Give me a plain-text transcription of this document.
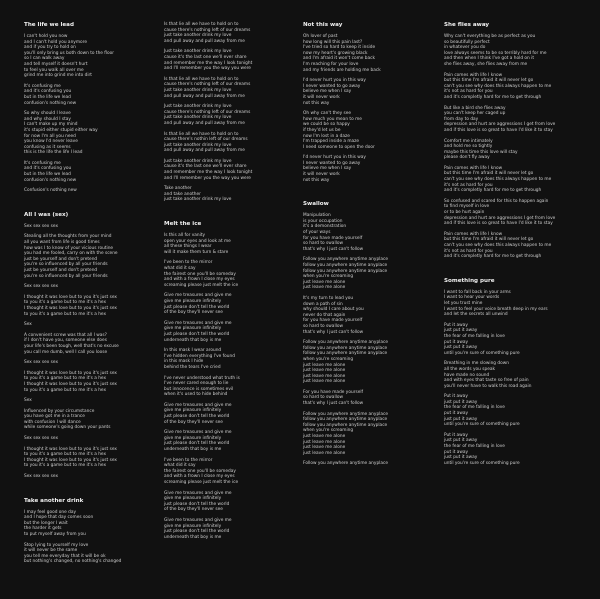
The life we lead
I can't hold you now
and I can't hold you anymore
and if you try to hold on
you'll only bring us both down to the floor
so I can walk away
and tell myself it doesn't hurt
to feel you walk all over me
grind me into grind me into dirt
It's confusing me
and it's confusing you
but in the life we lead
confusion's nothing new
So why should I leave
and why should I stay
I can't make up my mind
it's stupid either stupid either way
for now I'm all you need
you know I'd never leave
confusing as it seems
this is the life the life I lead
It's confusing me
and it's confusing you
but in the life we lead
confusion's nothing new
Confusion's nothing new
All I was (sex)
Sex sex sex sex
Stealing all the thoughts from your mind
all you want from life is good times
how was I to know of your vicious routine
you had me fooled, carry on with the scene
just be yourself and don't pretend
you're so influenced by all your friends
just be yourself and don't pretend
you're so influenced by all your friends
Sex sex sex sex
I thought it was love but to you it's just sex
to you it's a game but to me it's a hex
I thought it was love but to you it's just sex
to you it's a game but to me it's a hex
Sex
A convenient screw was that all I was?
if I don't have you, someone else does
your life's been tough, well that's no excuse
you call me dumb, well I call you loose
Sex sex sex sex
I thought it was love but to you it's just sex
to you it's a game but to me it's a hex
I thought it was love but to you it's just sex
to you it's a game but to me it's a hex
Sex
Influenced by your circumstance
you have got me in a trance
with confusion I will dance
while someone's going down your pants
Sex sex sex sex
I thought it was love but to you it's just sex
to you it's a game but to me it's a hex
I thought it was love but to you it's just sex
to you it's a game but to me it's a hex
Sex sex sex sex
Take another drink
I may feel good one day
and I hope that day comes soon
but the longer I wait
the harder it gets
to put myself away from you
Stop lying to yourself my love
it will never be the same
you tell me everyday that it will be ok
but nothing's changed, no nothing's changed
Is that lie all we have to hold on to
cause there's nothing left of our dreams
just take another drink my love
and pull away and pull away from me
Just take another drink my love
cause it's the last one we'll ever share
and remember me the way I look tonight
and I'll remember you the way you were
Is that lie all we have to hold on to
cause there's nothing left of our dreams
just take another drink my love
and pull away and pull away from me
Just take another drink my love
cause there's nothing left of our dreams
just take another drink my love
and pull away and pull away from me
Is that lie all we have to hold on to
cause there's nothin left of our dreams
just take another drink my love
and pull away and pull away from me
Just take another drink my love
cause it's the last one we'll ever share
and remember me the way I look tonight
and I'll remember you the way you were
Take another
and take another
just take another drink my love
Melt the ice
Is this all for vanity
open your eyes and look at me
all these things I wear
will it make them turn & stare
I've been to the mirror
what did it say
the fairest one you'll be someday
and with a frown I close my eyes
screaming please just melt the ice
Give me treasures and give me
give me pleasure infinitely
just please don't tell the world
of the boy they'll never see
Give me treasures and give me
give me pleasure infinitely
just please don't tell the world
underneath that boy is me
In this mask I wear around
I've hidden everything I've found
in this mask I hide
behind the tears I've cried
I've never understood what truth is
I've never cared enough to lie
but innocence is sometimes evil
when it's used to hide behind
Give me treasures and give me
give me pleasure infinitely
just please don't tell the world
of the boy they'll never see
Give me treasures and give me
give me pleasure infinitely
just please don't tell the world
underneath that boy is me
I've been to the mirror
what did it say
the fairest one you'll be someday
and with a frown I close my eyes
screaming please just melt the ice
Give me treasures and give me
give me pleasure infinitely
just please don't tell the world
of the boy they'll never see
Give me treasures and give me
give me pleasure infinitely
just please don't tell the world
underneath that boy is me
Not this way
Oh lover of past
how long will this pain last?
I've tried so hard to keep it inside
now my heart's growing black
and I'm afraid it won't come back
I'm reaching for your love
and my friends are holding me back
I'd never hurt you in this way
I never wanted to go away
believe me when I say
it will never work
not this way
Oh why can't they see
how much you mean to me
we could be so happy
if they'd let us be
now I'm lost in a daze
I'm trapped inside a maze
I need someone to open the door
I'd never hurt you in this way
I never wanted to go away
believe me when I say
it will never work
not this way
Swallow
Manipulation
is your occupation
it's a demonstration
of your ways
for you have made yourself
so hard to swallow
that's why I just can't follow
Follow you anywhere anytime anyplace
follow you anywhere anytime anyplace
follow you anywhere anytime anyplace
when you're screaming
just leave me alone
just leave me alone
It's my turn to lead you
down a path of sin
why should I care about you
never do that again
for you have made yourself
so hard to swallow
that's why I just can't follow
Follow you anywhere anytime anyplace
follow you anywhere anytime anyplace
follow you anywhere anytime anyplace
when you're screaming
just leave me alone
just leave me alone
just leave me alone
just leave me alone
For you have made yourself
so hard to swallow
that's why I just can't follow
Follow you anywhere anytime anyplace
follow you anywhere anytime anyplace
follow you anywhere anytime anyplace
when you're screaming
just leave me alone
just leave me alone
just leave me alone
just leave me alone
Follow you anywhere anytime anyplace
She flies away
Why can't everything be as perfect as you
so beautifully perfect
in whatever you do
love always seems to be so terribly hard for me
and then when I think I've got a hold on it
she flies away, she flies away from me
Pain comes with life I know
but this time I'm afraid it will never let go
can't you see why does this always happen to me
it's not as hard for you
and it's completly hard for me to get through
But like a bird she flies away
you can't keep her caged up
from day to day
depression and hurt are aggressions I get from love
and if this love is so great to have I'd like it to stay
Comfort me intimately
and hold me so tightly
maybe this time this love will stay
please don't fly away
Pain comes with life I know
but this time I'm afraid it will never let go
can't you see why does this always happen to me
it's not as hard for you
and it's completly hard for me to get through
So confused and scared for this to happen again
to find myself in love
or to be hurt again
depression and hurt are aggressions I get from love
and if this love is so great to have I'd like it to stay
Pain comes with life I know
but this time I'm afraid it will never let go
can't you see why does this always happen to me
it's not as hard for you
and it's completly hard for me to get through
Something pure
I want to fall back in your arms
I want to hear your words
let you trust mine
I want to feel your voice breath deep in my ears
and let the secrets all unwind
Put it away
just put it away
the fear of me falling in love
put it away
just put it away
until you're sure of something pure
Breathing in me slowing down
all the words you speak
have made no sound
and with eyes that taste so free of pain
you'll never have to walk this road again
Put it away
just put it away
the fear of me falling in love
put it away
just put it away
until you're sure of something pure
Put it away
just put it away
the fear of me falling in love
put it away
just put it away
until you're sure of something pure
